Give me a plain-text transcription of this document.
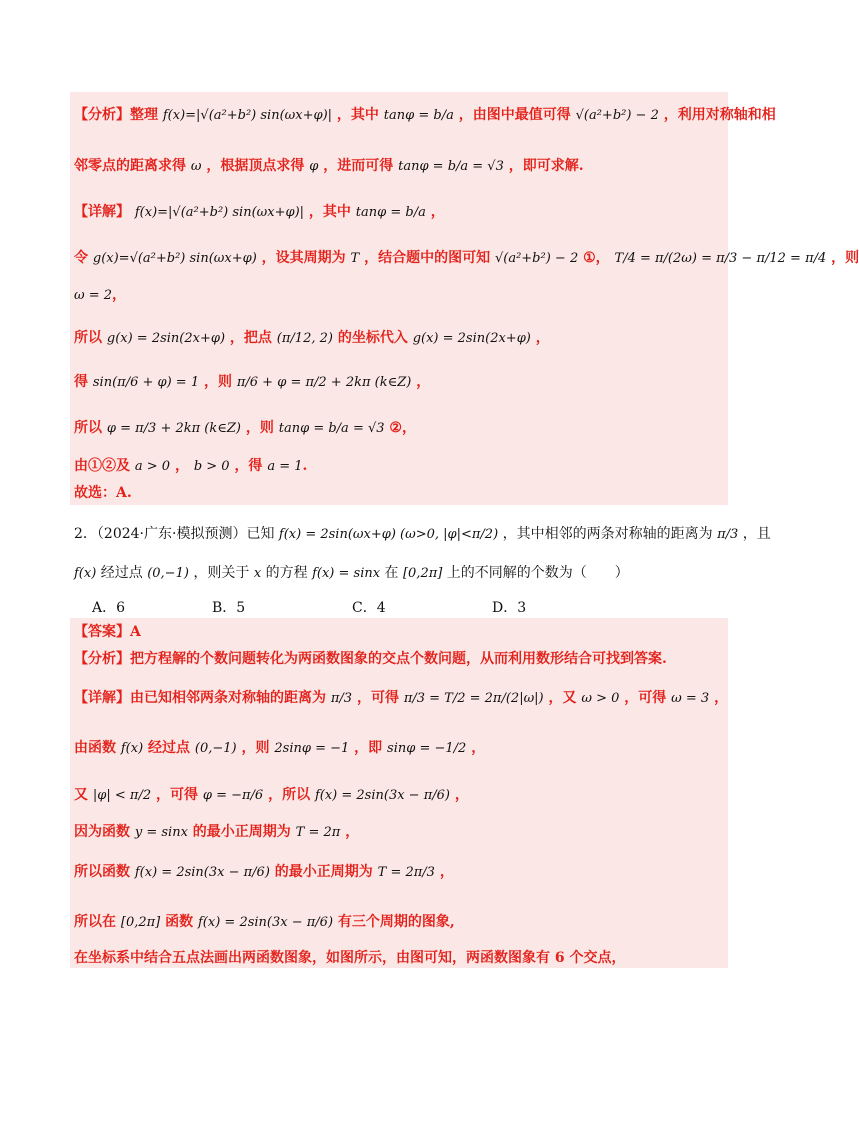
【分析】整理 f(x)=|√(a²+b²) sin(ωx+φ)| ，其中 tanφ = b/a ，由图中最值可得 √(a²+b²) − 2 ，利用对称轴和相
邻零点的距离求得 ω ，根据顶点求得 φ ，进而可得 tanφ = b/a = √3 ，即可求解.
【详解】 f(x)=|√(a²+b²) sin(ωx+φ)| ，其中 tanφ = b/a ，
令 g(x)=√(a²+b²) sin(ωx+φ) ，设其周期为 T ，结合题中的图可知 √(a²+b²) − 2 ①， T/4 = π/(2ω) = π/3 − π/12 = π/4 ，则
ω = 2，
所以 g(x) = 2sin(2x+φ) ，把点 (π/12, 2) 的坐标代入 g(x) = 2sin(2x+φ) ，
得 sin(π/6 + φ) = 1 ，则 π/6 + φ = π/2 + 2kπ (k∈Z) ，
所以 φ = π/3 + 2kπ (k∈Z) ，则 tanφ = b/a = √3 ②，
由①②及 a > 0 ， b > 0 ，得 a = 1.
故选：A.
2．（2024·广东·模拟预测）已知 f(x) = 2sin(ωx+φ) (ω>0, |φ|<π/2) ，其中相邻的两条对称轴的距离为 π/3 ，且
f(x) 经过点 (0,−1) ，则关于 x 的方程 f(x) = sinx 在 [0,2π] 上的不同解的个数为（　　）
A．6	B．5	C．4	D．3
【答案】A
【分析】把方程解的个数问题转化为两函数图象的交点个数问题，从而利用数形结合可找到答案.
【详解】由已知相邻两条对称轴的距离为 π/3 ，可得 π/3 = T/2 = 2π/(2|ω|) ，又 ω > 0 ，可得 ω = 3 ，
由函数 f(x) 经过点 (0,−1) ，则 2sinφ = −1 ，即 sinφ = −1/2 ，
又 |φ| < π/2 ，可得 φ = −π/6 ，所以 f(x) = 2sin(3x − π/6) ，
因为函数 y = sinx 的最小正周期为 T = 2π ，
所以函数 f(x) = 2sin(3x − π/6) 的最小正周期为 T = 2π/3 ，
所以在 [0,2π] 函数 f(x) = 2sin(3x − π/6) 有三个周期的图象,
在坐标系中结合五点法画出两函数图象，如图所示，由图可知，两函数图象有 6 个交点，
